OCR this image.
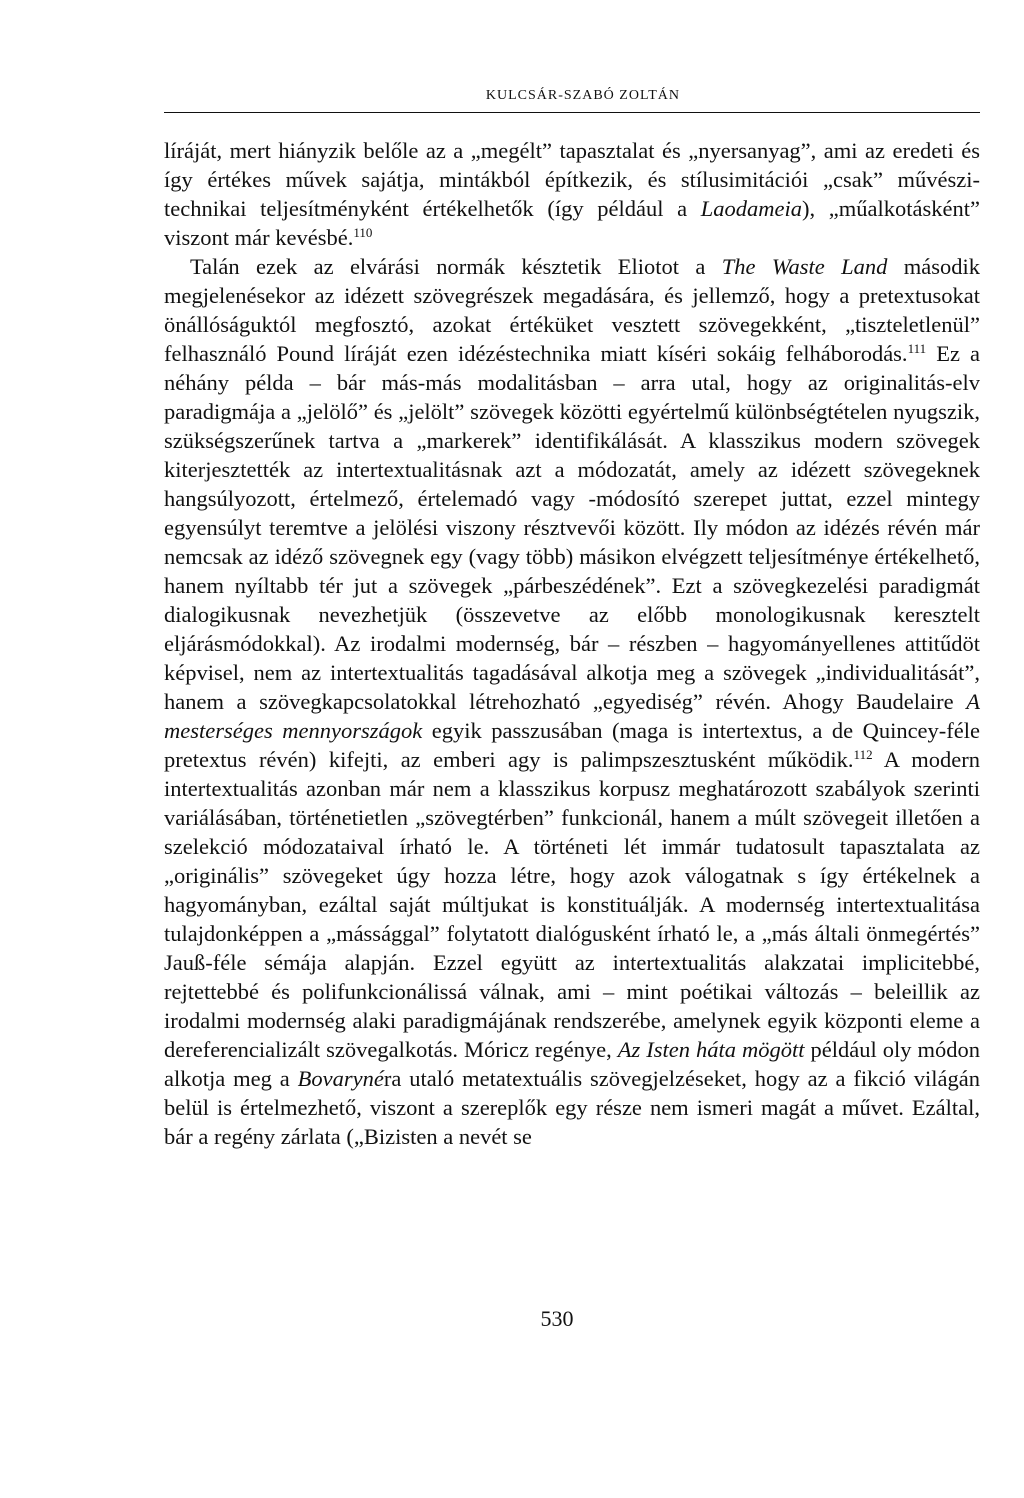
KULCSÁR-SZABÓ ZOLTÁN

líráját, mert hiányzik belőle az a „megélt” tapasztalat és „nyersanyag”, ami az eredeti és így értékes művek sajátja, mintákból építkezik, és stílusimitációi „csak” művészi-technikai teljesítményként értékelhetők (így például a Laodameia), „műalkotásként” viszont már kevésbé.$^{110}$

Talán ezek az elvárási normák késztetik Eliotot a The Waste Land második megjelenésekor az idézett szövegrészek megadására, és jellemző, hogy a pretextusokat önállóságuktól megfosztó, azokat értéküket vesztett szövegekként, „tiszteletlenül” felhasználó Pound líráját ezen idézéstechnika miatt kíséri sokáig felháborodás.$^{111}$ Ez a néhány példa – bár más-más modalitásban – arra utal, hogy az originalitás-elv paradigmája a „jelölő” és „jelölt” szövegek közötti egyértelmű különbségtételen nyugszik, szükségszerűnek tartva a „markerek” identifikálását. A klasszikus modern szövegek kiterjesztették az intertextualitásnak azt a módozatát, amely az idézett szövegeknek hangsúlyozott, értelmező, értelemadó vagy -módosító szerepet juttat, ezzel mintegy egyensúlyt teremtve a jelölési viszony résztvevői között. Ily módon az idézés révén már nemcsak az idéző szövegnek egy (vagy több) másikon elvégzett teljesítménye értékelhető, hanem nyíltabb tér jut a szövegek „párbeszédének”. Ezt a szövegkezelési paradigmát dialogikusnak nevezhetjük (összevetve az előbb monologikusnak keresztelt eljárásmódokkal). Az irodalmi modernség, bár – részben – hagyományellenes attitűdöt képvisel, nem az intertextualitás tagadásával alkotja meg a szövegek „individualitását”, hanem a szövegkapcsolatokkal létrehozható „egyediség” révén. Ahogy Baudelaire A mesterséges mennyországok egyik passzusában (maga is intertextus, a de Quincey-féle pretextus révén) kifejti, az emberi agy is palimpszesztusként működik.$^{112}$ A modern intertextualitás azonban már nem a klasszikus korpusz meghatározott szabályok szerinti variálásában, történetietlen „szövegtérben” funkcionál, hanem a múlt szövegeit illetően a szelekció módozataival írható le. A történeti lét immár tudatosult tapasztalata az „originális” szövegeket úgy hozza létre, hogy azok válogatnak s így értékelnek a hagyományban, ezáltal saját múltjukat is konstituálják. A modernség intertextualitása tulajdonképpen a „mássággal” folytatott dialógusként írható le, a „más általi önmegértés” Jauß-féle sémája alapján. Ezzel együtt az intertextualitás alakzatai implicitebbé, rejtettebbé és polifunkcionálissá válnak, ami – mint poétikai változás – beleillik az irodalmi modernség alaki paradigmájának rendszerébe, amelynek egyik központi eleme a dereferencializált szövegalkotás. Móricz regénye, Az Isten háta mögött például oly módon alkotja meg a Bovarynéra utaló metatextuális szövegjelzéseket, hogy az a fikció világán belül is értelmezhető, viszont a szereplők egy része nem ismeri magát a művet. Ezáltal, bár a regény zárlata („Bizisten a nevét se

530
